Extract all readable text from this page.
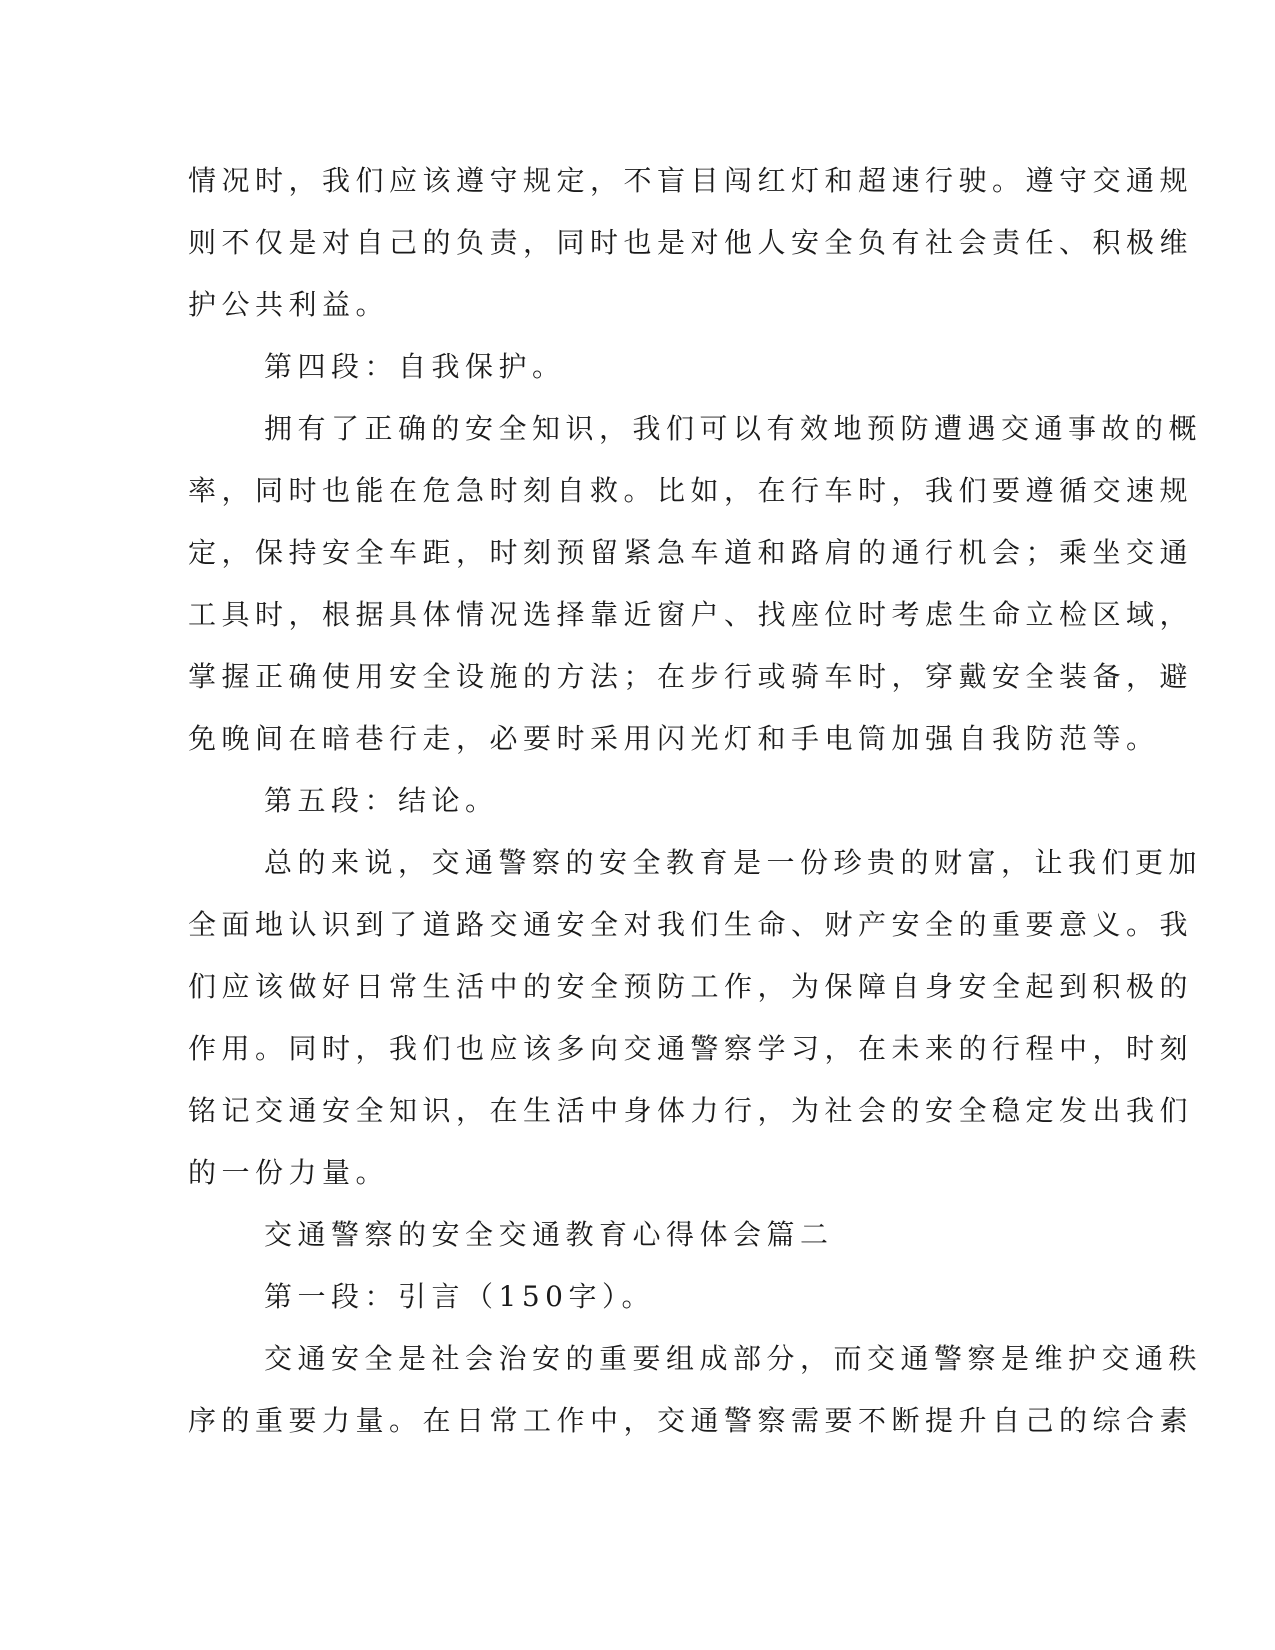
情况时，我们应该遵守规定，不盲目闯红灯和超速行驶。遵守交通规
则不仅是对自己的负责，同时也是对他人安全负有社会责任、积极维
护公共利益。
第四段：自我保护。
拥有了正确的安全知识，我们可以有效地预防遭遇交通事故的概
率，同时也能在危急时刻自救。比如，在行车时，我们要遵循交速规
定，保持安全车距，时刻预留紧急车道和路肩的通行机会；乘坐交通
工具时，根据具体情况选择靠近窗户、找座位时考虑生命立检区域，
掌握正确使用安全设施的方法；在步行或骑车时，穿戴安全装备，避
免晚间在暗巷行走，必要时采用闪光灯和手电筒加强自我防范等。
第五段：结论。
总的来说，交通警察的安全教育是一份珍贵的财富，让我们更加
全面地认识到了道路交通安全对我们生命、财产安全的重要意义。我
们应该做好日常生活中的安全预防工作，为保障自身安全起到积极的
作用。同时，我们也应该多向交通警察学习，在未来的行程中，时刻
铭记交通安全知识，在生活中身体力行，为社会的安全稳定发出我们
的一份力量。
交通警察的安全交通教育心得体会篇二
第一段：引言（150字）。
交通安全是社会治安的重要组成部分，而交通警察是维护交通秩
序的重要力量。在日常工作中，交通警察需要不断提升自己的综合素
